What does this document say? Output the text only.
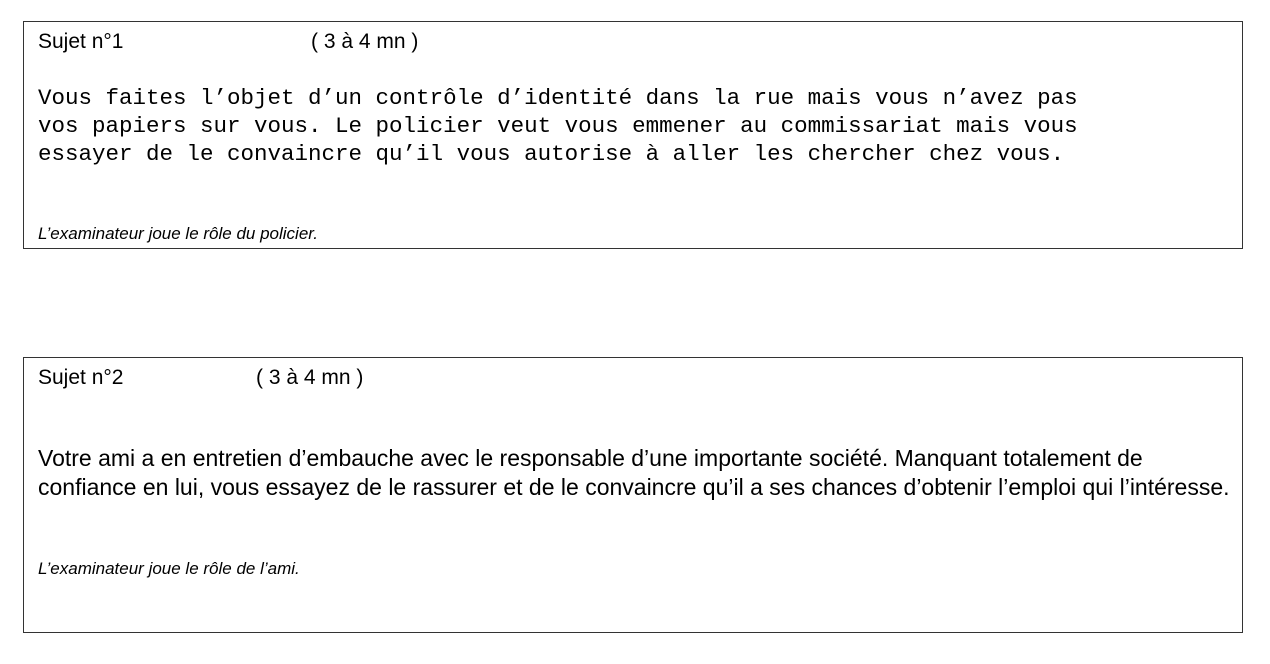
Sujet n°1	( 3 à 4 mn )
Vous faites l’objet d’un contrôle d’identité dans la rue mais vous n’avez pas
vos papiers sur vous. Le policier veut vous emmener au commissariat mais vous
essayer de le convaincre qu’il vous autorise à aller les chercher chez vous.
L’examinateur joue le rôle du policier.
Sujet n°2	( 3 à 4 mn )
Votre ami a en entretien d’embauche avec le responsable d’une importante société. Manquant totalement de confiance en lui, vous essayez de le rassurer et de le convaincre qu’il a ses chances d’obtenir l’emploi qui l’intéresse.
L’examinateur joue le rôle de l’ami.
